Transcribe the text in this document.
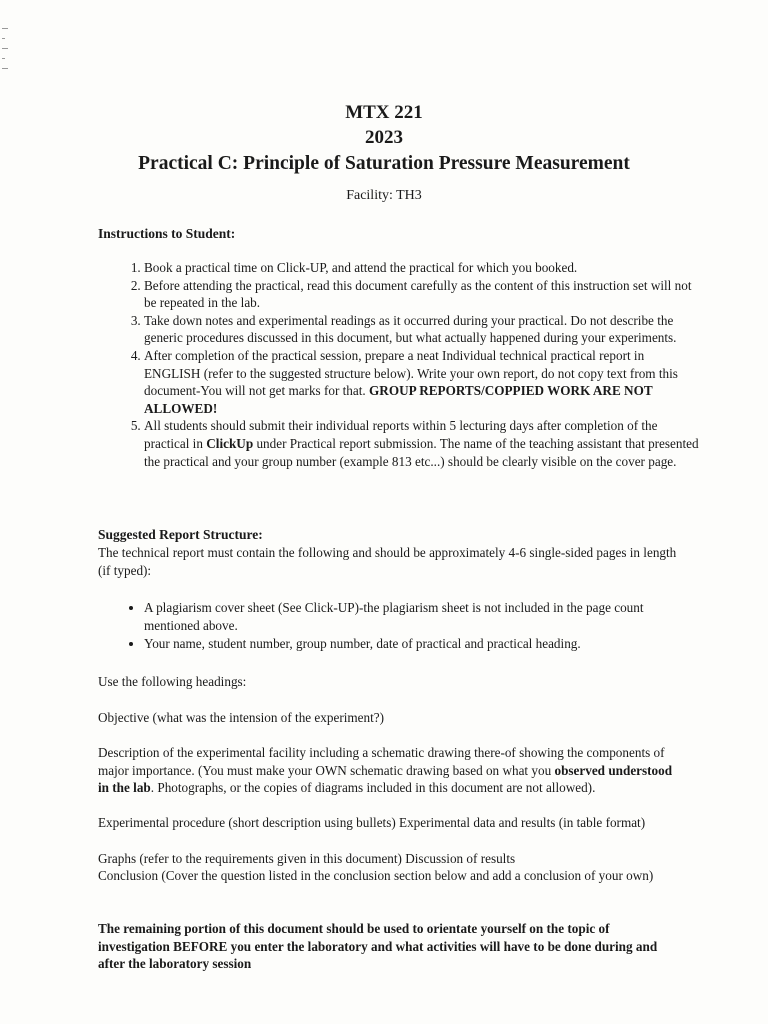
MTX 221
2023
Practical C: Principle of Saturation Pressure Measurement
Facility: TH3
Instructions to Student:
1. Book a practical time on Click-UP, and attend the practical for which you booked.
2. Before attending the practical, read this document carefully as the content of this instruction set will not be repeated in the lab.
3. Take down notes and experimental readings as it occurred during your practical. Do not describe the generic procedures discussed in this document, but what actually happened during your experiments.
4. After completion of the practical session, prepare a neat Individual technical practical report in ENGLISH (refer to the suggested structure below). Write your own report, do not copy text from this document-You will not get marks for that. GROUP REPORTS/COPPIED WORK ARE NOT ALLOWED!
5. All students should submit their individual reports within 5 lecturing days after completion of the practical in ClickUp under Practical report submission. The name of the teaching assistant that presented the practical and your group number (example 813 etc...) should be clearly visible on the cover page.
Suggested Report Structure:
The technical report must contain the following and should be approximately 4-6 single-sided pages in length (if typed):
• A plagiarism cover sheet (See Click-UP)-the plagiarism sheet is not included in the page count mentioned above.
• Your name, student number, group number, date of practical and practical heading.
Use the following headings:
Objective (what was the intension of the experiment?)
Description of the experimental facility including a schematic drawing there-of showing the components of major importance. (You must make your OWN schematic drawing based on what you observed understood in the lab. Photographs, or the copies of diagrams included in this document are not allowed).
Experimental procedure (short description using bullets) Experimental data and results (in table format)
Graphs (refer to the requirements given in this document) Discussion of results
Conclusion (Cover the question listed in the conclusion section below and add a conclusion of your own)
The remaining portion of this document should be used to orientate yourself on the topic of investigation BEFORE you enter the laboratory and what activities will have to be done during and after the laboratory session
